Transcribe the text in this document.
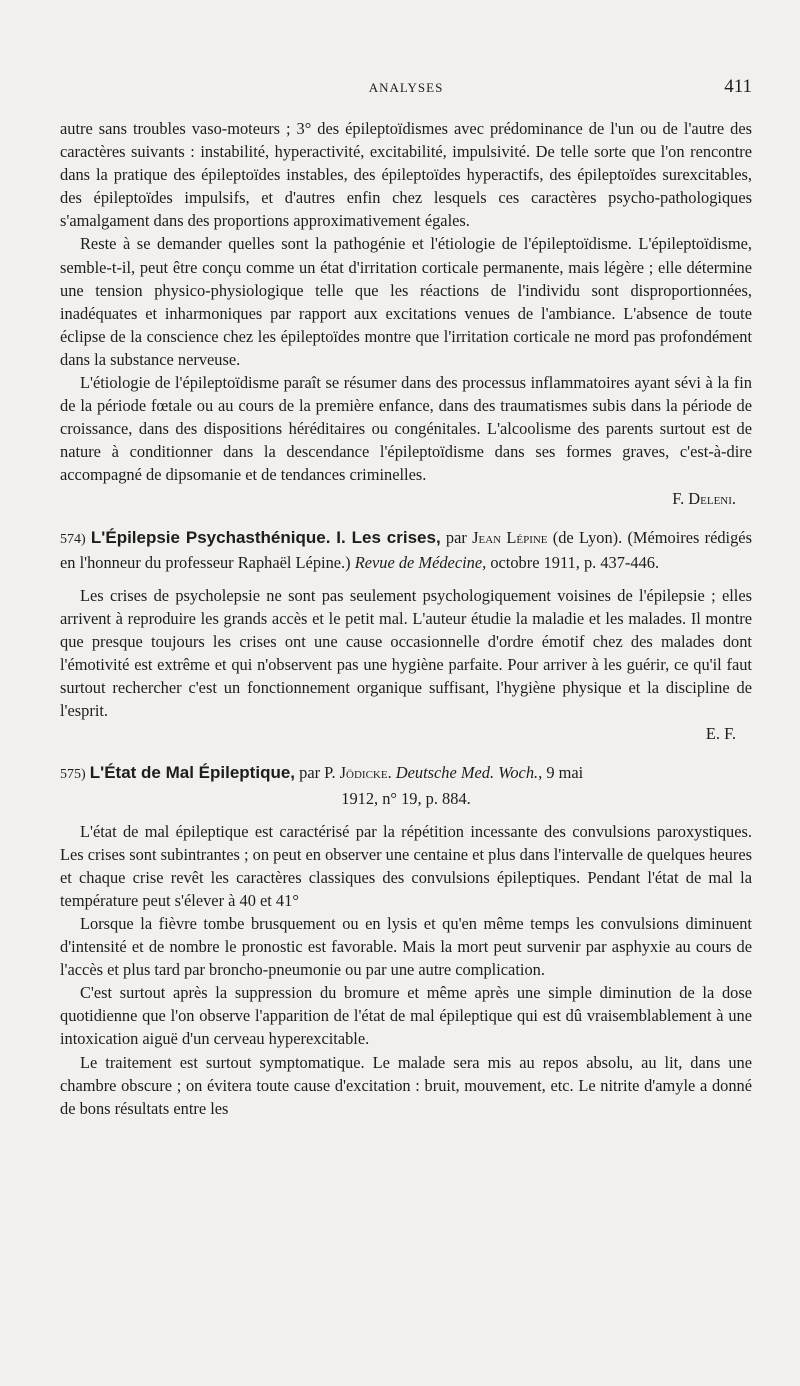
ANALYSES	411

autre sans troubles vaso-moteurs ; 3° des épileptoïdismes avec prédominance de l'un ou de l'autre des caractères suivants : instabilité, hyperactivité, excitabilité, impulsivité. De telle sorte que l'on rencontre dans la pratique des épileptoïdes instables, des épileptoïdes hyperactifs, des épileptoïdes surexcitables, des épileptoïdes impulsifs, et d'autres enfin chez lesquels ces caractères psycho-pathologiques s'amalgament dans des proportions approximativement égales.

Reste à se demander quelles sont la pathogénie et l'étiologie de l'épileptoïdisme. L'épileptoïdisme, semble-t-il, peut être conçu comme un état d'irritation corticale permanente, mais légère ; elle détermine une tension physico-physiologique telle que les réactions de l'individu sont disproportionnées, inadéquates et inharmoniques par rapport aux excitations venues de l'ambiance. L'absence de toute éclipse de la conscience chez les épileptoïdes montre que l'irritation corticale ne mord pas profondément dans la substance nerveuse.

L'étiologie de l'épileptoïdisme paraît se résumer dans des processus inflammatoires ayant sévi à la fin de la période fœtale ou au cours de la première enfance, dans des traumatismes subis dans la période de croissance, dans des dispositions héréditaires ou congénitales. L'alcoolisme des parents surtout est de nature à conditionner dans la descendance l'épileptoïdisme dans ses formes graves, c'est-à-dire accompagné de dipsomanie et de tendances criminelles.

F. Deleni.

574) L'Épilepsie Psychasthénique. I. Les crises, par Jean Lépine (de Lyon). (Mémoires rédigés en l'honneur du professeur Raphaël Lépine.) Revue de Médecine, octobre 1911, p. 437-446.

Les crises de psycholepsie ne sont pas seulement psychologiquement voisines de l'épilepsie ; elles arrivent à reproduire les grands accès et le petit mal. L'auteur étudie la maladie et les malades. Il montre que presque toujours les crises ont une cause occasionnelle d'ordre émotif chez des malades dont l'émotivité est extrême et qui n'observent pas une hygiène parfaite. Pour arriver à les guérir, ce qu'il faut surtout rechercher c'est un fonctionnement organique suffisant, l'hygiène physique et la discipline de l'esprit.

E. F.

575) L'État de Mal Épileptique, par P. Jödicke. Deutsche Med. Woch., 9 mai

1912, n° 19, p. 884.

L'état de mal épileptique est caractérisé par la répétition incessante des convulsions paroxystiques. Les crises sont subintrantes ; on peut en observer une centaine et plus dans l'intervalle de quelques heures et chaque crise revêt les caractères classiques des convulsions épileptiques. Pendant l'état de mal la température peut s'élever à 40 et 41°

Lorsque la fièvre tombe brusquement ou en lysis et qu'en même temps les convulsions diminuent d'intensité et de nombre le pronostic est favorable. Mais la mort peut survenir par asphyxie au cours de l'accès et plus tard par broncho-pneumonie ou par une autre complication.

C'est surtout après la suppression du bromure et même après une simple diminution de la dose quotidienne que l'on observe l'apparition de l'état de mal épileptique qui est dû vraisemblablement à une intoxication aiguë d'un cerveau hyperexcitable.

Le traitement est surtout symptomatique. Le malade sera mis au repos absolu, au lit, dans une chambre obscure ; on évitera toute cause d'excitation : bruit, mouvement, etc. Le nitrite d'amyle a donné de bons résultats entre les
